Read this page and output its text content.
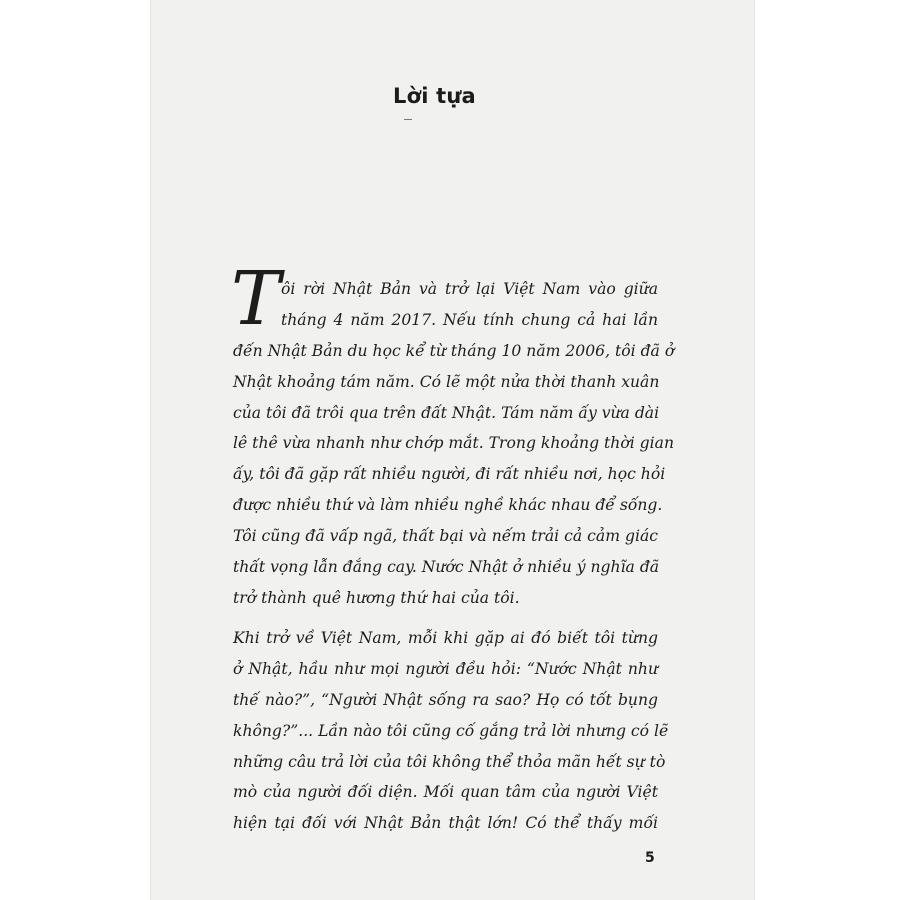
Lời tựa
T ôi rời Nhật Bản và trở lại Việt Nam vào giữa
tháng 4 năm 2017. Nếu tính chung cả hai lần
đến Nhật Bản du học kể từ tháng 10 năm 2006, tôi đã ở
Nhật khoảng tám năm. Có lẽ một nửa thời thanh xuân
của tôi đã trôi qua trên đất Nhật. Tám năm ấy vừa dài
lê thê vừa nhanh như chớp mắt. Trong khoảng thời gian
ấy, tôi đã gặp rất nhiều người, đi rất nhiều nơi, học hỏi
được nhiều thứ và làm nhiều nghề khác nhau để sống.
Tôi cũng đã vấp ngã, thất bại và nếm trải cả cảm giác
thất vọng lẫn đắng cay. Nước Nhật ở nhiều ý nghĩa đã
trở thành quê hương thứ hai của tôi.
Khi trở về Việt Nam, mỗi khi gặp ai đó biết tôi từng
ở Nhật, hầu như mọi người đều hỏi: “Nước Nhật như
thế nào?”, “Người Nhật sống ra sao? Họ có tốt bụng
không?”... Lần nào tôi cũng cố gắng trả lời nhưng có lẽ
những câu trả lời của tôi không thể thỏa mãn hết sự tò
mò của người đối diện. Mối quan tâm của người Việt
hiện tại đối với Nhật Bản thật lớn! Có thể thấy mối
5
